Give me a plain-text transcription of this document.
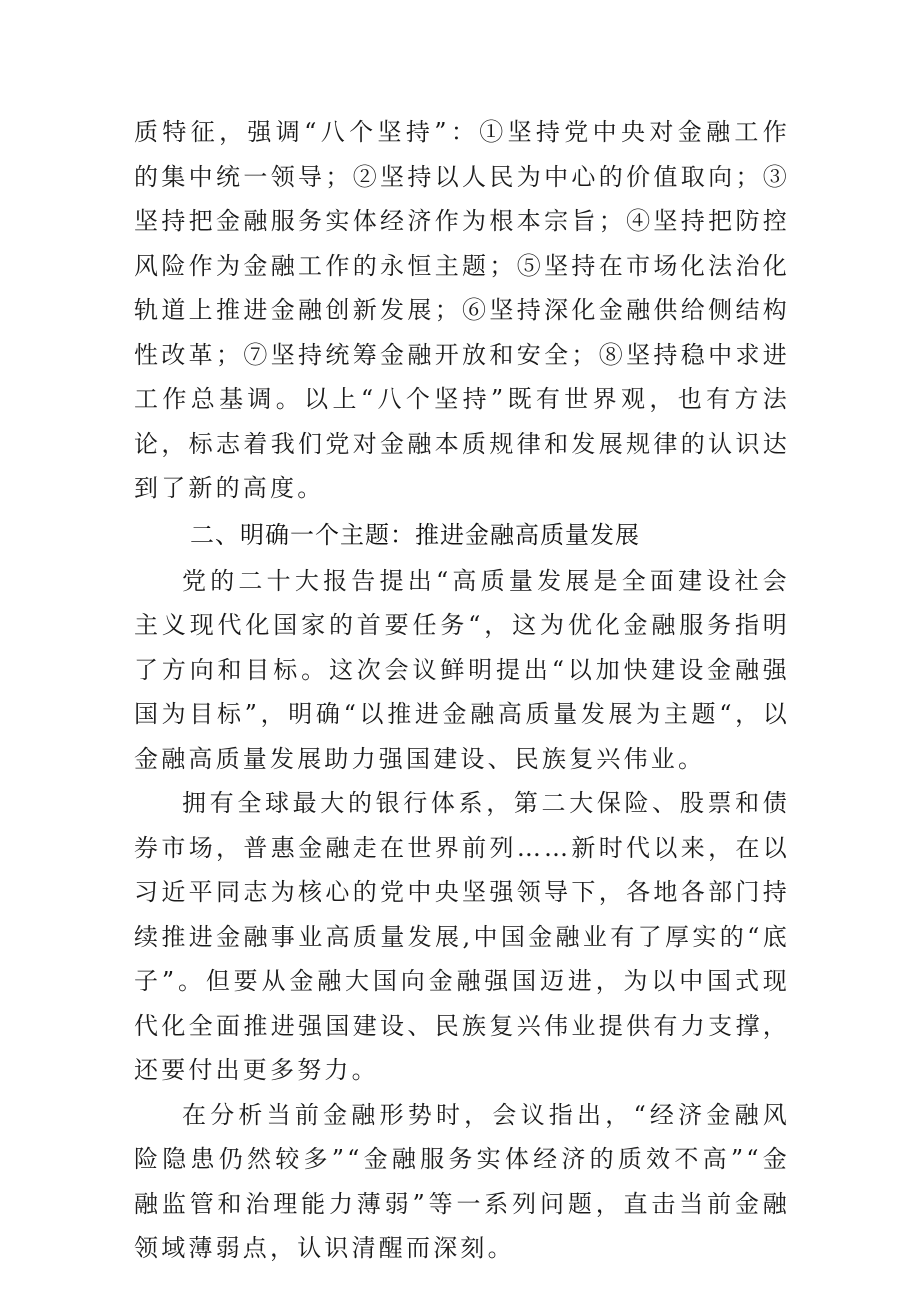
质特征，强调“八个坚持”：①坚持党中央对金融工作的集中统一领导；②坚持以人民为中心的价值取向；③坚持把金融服务实体经济作为根本宗旨；④坚持把防控风险作为金融工作的永恒主题；⑤坚持在市场化法治化轨道上推进金融创新发展；⑥坚持深化金融供给侧结构性改革；⑦坚持统筹金融开放和安全；⑧坚持稳中求进工作总基调。以上“八个坚持”既有世界观，也有方法论，标志着我们党对金融本质规律和发展规律的认识达到了新的高度。

二、明确一个主题：推进金融高质量发展

党的二十大报告提出“高质量发展是全面建设社会主义现代化国家的首要任务“，这为优化金融服务指明了方向和目标。这次会议鲜明提出“以加快建设金融强国为目标”，明确“以推进金融高质量发展为主题“，以金融高质量发展助力强国建设、民族复兴伟业。

拥有全球最大的银行体系，第二大保险、股票和债券市场，普惠金融走在世界前列……新时代以来，在以习近平同志为核心的党中央坚强领导下，各地各部门持续推进金融事业高质量发展,中国金融业有了厚实的“底子”。但要从金融大国向金融强国迈进，为以中国式现代化全面推进强国建设、民族复兴伟业提供有力支撑，还要付出更多努力。

在分析当前金融形势时，会议指出，“经济金融风险隐患仍然较多”“金融服务实体经济的质效不高”“金融监管和治理能力薄弱”等一系列问题，直击当前金融领域薄弱点，认识清醒而深刻。
